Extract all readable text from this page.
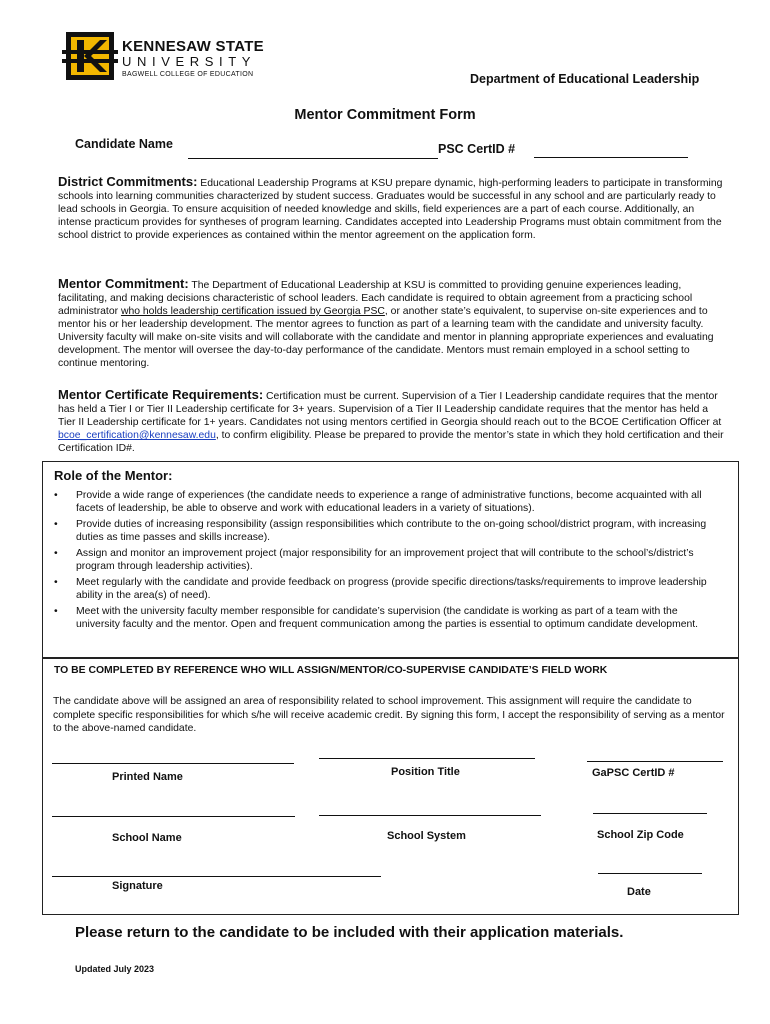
KENNESAW STATE
UNIVERSITY
BAGWELL COLLEGE OF EDUCATION	Department of Educational Leadership
Mentor Commitment Form
Candidate Name	PSC CertID #
District Commitments: Educational Leadership Programs at KSU prepare dynamic, high-performing leaders to participate in transforming schools into learning communities characterized by student success. Graduates would be successful in any school and are particularly ready to lead schools in Georgia. To ensure acquisition of needed knowledge and skills, field experiences are a part of each course. Additionally, an intense practicum provides for syntheses of program learning. Candidates accepted into Leadership Programs must obtain commitment from the school district to provide experiences as contained within the mentor agreement on the application form.
Mentor Commitment: The Department of Educational Leadership at KSU is committed to providing genuine experiences leading, facilitating, and making decisions characteristic of school leaders. Each candidate is required to obtain agreement from a practicing school administrator who holds leadership certification issued by Georgia PSC, or another state’s equivalent, to supervise on-site experiences and to mentor his or her leadership development. The mentor agrees to function as part of a learning team with the candidate and university faculty. University faculty will make on-site visits and will collaborate with the candidate and mentor in planning appropriate experiences and evaluating development. The mentor will oversee the day-to-day performance of the candidate. Mentors must remain employed in a school setting to continue mentoring.
Mentor Certificate Requirements: Certification must be current. Supervision of a Tier I Leadership candidate requires that the mentor has held a Tier I or Tier II Leadership certificate for 3+ years. Supervision of a Tier II Leadership candidate requires that the mentor has held a Tier II Leadership certificate for 1+ years. Candidates not using mentors certified in Georgia should reach out to the BCOE Certification Officer at bcoe_certification@kennesaw.edu, to confirm eligibility. Please be prepared to provide the mentor’s state in which they hold certification and their Certification ID#.
Role of the Mentor:
• Provide a wide range of experiences (the candidate needs to experience a range of administrative functions, become acquainted with all facets of leadership, be able to observe and work with educational leaders in a variety of situations).
• Provide duties of increasing responsibility (assign responsibilities which contribute to the on-going school/district program, with increasing duties as time passes and skills increase).
• Assign and monitor an improvement project (major responsibility for an improvement project that will contribute to the school’s/district’s program through leadership activities).
• Meet regularly with the candidate and provide feedback on progress (provide specific directions/tasks/requirements to improve leadership ability in the area(s) of need).
• Meet with the university faculty member responsible for candidate’s supervision (the candidate is working as part of a team with the university faculty and the mentor. Open and frequent communication among the parties is essential to optimum candidate development.
TO BE COMPLETED BY REFERENCE WHO WILL ASSIGN/MENTOR/CO-SUPERVISE CANDIDATE’S FIELD WORK
The candidate above will be assigned an area of responsibility related to school improvement. This assignment will require the candidate to complete specific responsibilities for which s/he will receive academic credit. By signing this form, I accept the responsibility of serving as a mentor to the above-named candidate.
Printed Name	Position Title	GaPSC CertID #
School Name	School System	School Zip Code
Signature	Date
Please return to the candidate to be included with their application materials.
Updated July 2023
